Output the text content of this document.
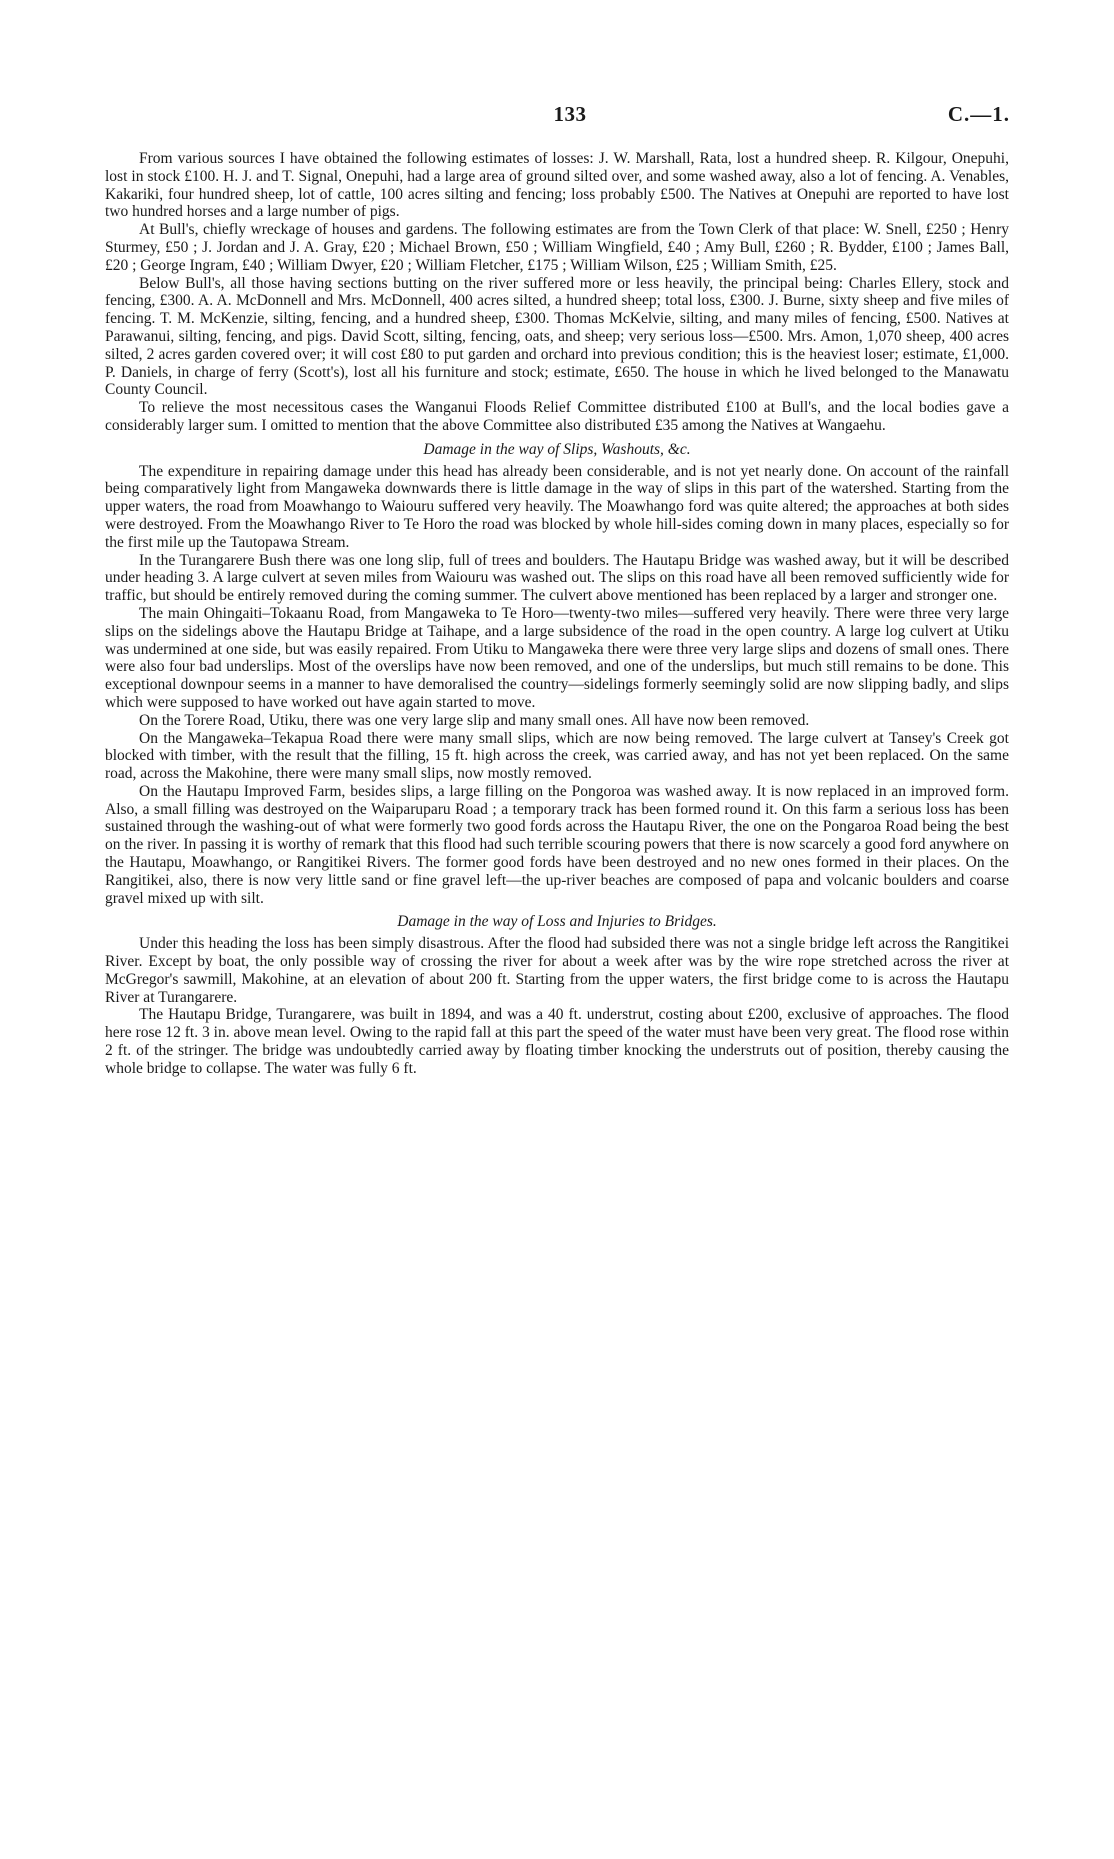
133	C.—1.

From various sources I have obtained the following estimates of losses: J. W. Marshall, Rata, lost a hundred sheep. R. Kilgour, Onepuhi, lost in stock £100. H. J. and T. Signal, Onepuhi, had a large area of ground silted over, and some washed away, also a lot of fencing. A. Venables, Kakariki, four hundred sheep, lot of cattle, 100 acres silting and fencing; loss probably £500. The Natives at Onepuhi are reported to have lost two hundred horses and a large number of pigs.

At Bull's, chiefly wreckage of houses and gardens. The following estimates are from the Town Clerk of that place: W. Snell, £250 ; Henry Sturmey, £50 ; J. Jordan and J. A. Gray, £20 ; Michael Brown, £50 ; William Wingfield, £40 ; Amy Bull, £260 ; R. Bydder, £100 ; James Ball, £20 ; George Ingram, £40 ; William Dwyer, £20 ; William Fletcher, £175 ; William Wilson, £25 ; William Smith, £25.

Below Bull's, all those having sections butting on the river suffered more or less heavily, the principal being: Charles Ellery, stock and fencing, £300. A. A. McDonnell and Mrs. McDonnell, 400 acres silted, a hundred sheep; total loss, £300. J. Burne, sixty sheep and five miles of fencing. T. M. McKenzie, silting, fencing, and a hundred sheep, £300. Thomas McKelvie, silting, and many miles of fencing, £500. Natives at Parawanui, silting, fencing, and pigs. David Scott, silting, fencing, oats, and sheep; very serious loss—£500. Mrs. Amon, 1,070 sheep, 400 acres silted, 2 acres garden covered over; it will cost £80 to put garden and orchard into previous condition; this is the heaviest loser; estimate, £1,000. P. Daniels, in charge of ferry (Scott's), lost all his furniture and stock; estimate, £650. The house in which he lived belonged to the Manawatu County Council.

To relieve the most necessitous cases the Wanganui Floods Relief Committee distributed £100 at Bull's, and the local bodies gave a considerably larger sum. I omitted to mention that the above Committee also distributed £35 among the Natives at Wangaehu.

Damage in the way of Slips, Washouts, &c.

The expenditure in repairing damage under this head has already been considerable, and is not yet nearly done. On account of the rainfall being comparatively light from Mangaweka downwards there is little damage in the way of slips in this part of the watershed. Starting from the upper waters, the road from Moawhango to Waiouru suffered very heavily. The Moawhango ford was quite altered; the approaches at both sides were destroyed. From the Moawhango River to Te Horo the road was blocked by whole hill-sides coming down in many places, especially so for the first mile up the Tautopawa Stream.

In the Turangarere Bush there was one long slip, full of trees and boulders. The Hautapu Bridge was washed away, but it will be described under heading 3. A large culvert at seven miles from Waiouru was washed out. The slips on this road have all been removed sufficiently wide for traffic, but should be entirely removed during the coming summer. The culvert above mentioned has been replaced by a larger and stronger one.

The main Ohingaiti–Tokaanu Road, from Mangaweka to Te Horo—twenty-two miles—suffered very heavily. There were three very large slips on the sidelings above the Hautapu Bridge at Taihape, and a large subsidence of the road in the open country. A large log culvert at Utiku was undermined at one side, but was easily repaired. From Utiku to Mangaweka there were three very large slips and dozens of small ones. There were also four bad underslips. Most of the overslips have now been removed, and one of the underslips, but much still remains to be done. This exceptional downpour seems in a manner to have demoralised the country—sidelings formerly seemingly solid are now slipping badly, and slips which were supposed to have worked out have again started to move.

On the Torere Road, Utiku, there was one very large slip and many small ones. All have now been removed.

On the Mangaweka–Tekapua Road there were many small slips, which are now being removed. The large culvert at Tansey's Creek got blocked with timber, with the result that the filling, 15 ft. high across the creek, was carried away, and has not yet been replaced. On the same road, across the Makohine, there were many small slips, now mostly removed.

On the Hautapu Improved Farm, besides slips, a large filling on the Pongoroa was washed away. It is now replaced in an improved form. Also, a small filling was destroyed on the Waiparuparu Road ; a temporary track has been formed round it. On this farm a serious loss has been sustained through the washing-out of what were formerly two good fords across the Hautapu River, the one on the Pongaroa Road being the best on the river. In passing it is worthy of remark that this flood had such terrible scouring powers that there is now scarcely a good ford anywhere on the Hautapu, Moawhango, or Rangitikei Rivers. The former good fords have been destroyed and no new ones formed in their places. On the Rangitikei, also, there is now very little sand or fine gravel left—the up-river beaches are composed of papa and volcanic boulders and coarse gravel mixed up with silt.

Damage in the way of Loss and Injuries to Bridges.

Under this heading the loss has been simply disastrous. After the flood had subsided there was not a single bridge left across the Rangitikei River. Except by boat, the only possible way of crossing the river for about a week after was by the wire rope stretched across the river at McGregor's sawmill, Makohine, at an elevation of about 200 ft. Starting from the upper waters, the first bridge come to is across the Hautapu River at Turangarere.

The Hautapu Bridge, Turangarere, was built in 1894, and was a 40 ft. understrut, costing about £200, exclusive of approaches. The flood here rose 12 ft. 3 in. above mean level. Owing to the rapid fall at this part the speed of the water must have been very great. The flood rose within 2 ft. of the stringer. The bridge was undoubtedly carried away by floating timber knocking the understruts out of position, thereby causing the whole bridge to collapse. The water was fully 6 ft.
